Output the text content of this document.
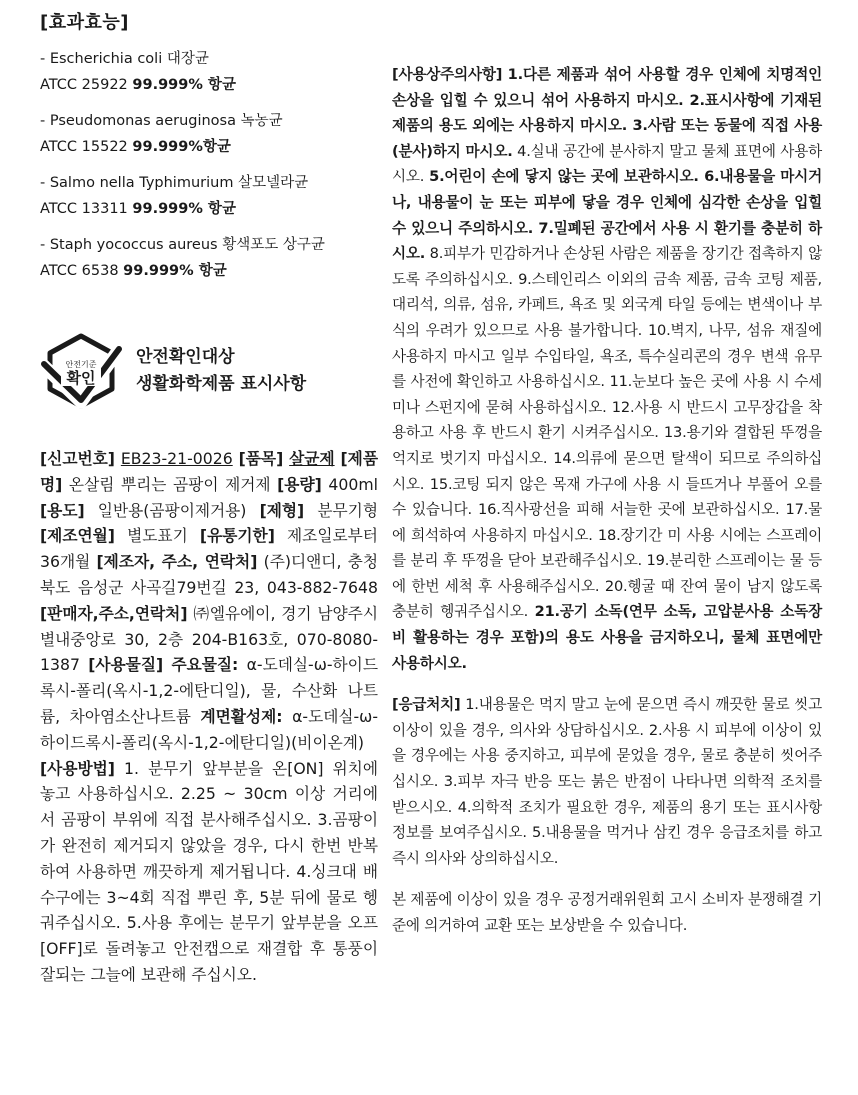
[효과효능]
- Escherichia coli 대장균
ATCC 25922 99.999% 항균
- Pseudomonas aeruginosa 녹농균
ATCC 15522 99.999%항균
- Salmo nella Typhimurium 살모넬라균
ATCC 13311 99.999% 항균
- Staph yococcus aureus 황색포도 상구균
ATCC 6538 99.999% 항균
안전기준
확인
안전확인대상
생활화학제품 표시사항

[신고번호] EB23-21-0026 [품목] 살균제 [제품명] 온살림 뿌리는 곰팡이 제거제 [용량] 400ml [용도] 일반용(곰팡이제거용) [제형] 분무기형 [제조연월] 별도표기 [유통기한] 제조일로부터 36개월 [제조자, 주소, 연락처] (주)디앤디, 충청북도 음성군 사곡길79번길 23, 043-882-7648 [판매자,주소,연락처] ㈜엘유에이, 경기 남양주시 별내중앙로 30, 2층 204-B163호, 070-8080-1387 [사용물질] 주요물질: α-도데실-ω-하이드록시-폴리(옥시-1,2-에탄디일), 물, 수산화 나트륨, 차아염소산나트륨 계면활성제: α-도데실-ω-하이드록시-폴리(옥시-1,2-에탄디일)(비이온계) [사용방법] 1. 분무기 앞부분을 온[ON] 위치에 놓고 사용하십시오. 2.25 ~ 30cm 이상 거리에서 곰팡이 부위에 직접 분사해주십시오. 3.곰팡이가 완전히 제거되지 않았을 경우, 다시 한번 반복하여 사용하면 깨끗하게 제거됩니다. 4.싱크대 배수구에는 3~4회 직접 뿌린 후, 5분 뒤에 물로 헹궈주십시오. 5.사용 후에는 분무기 앞부분을 오프[OFF]로 돌려놓고 안전캡으로 재결합 후 통풍이 잘되는 그늘에 보관해 주십시오.

[사용상주의사항] 1.다른 제품과 섞어 사용할 경우 인체에 치명적인 손상을 입힐 수 있으니 섞어 사용하지 마시오. 2.표시사항에 기재된 제품의 용도 외에는 사용하지 마시오. 3.사람 또는 동물에 직접 사용(분사)하지 마시오. 4.실내 공간에 분사하지 말고 물체 표면에 사용하시오. 5.어린이 손에 닿지 않는 곳에 보관하시오. 6.내용물을 마시거나, 내용물이 눈 또는 피부에 닿을 경우 인체에 심각한 손상을 입힐 수 있으니 주의하시오. 7.밀폐된 공간에서 사용 시 환기를 충분히 하시오. 8.피부가 민감하거나 손상된 사람은 제품을 장기간 접촉하지 않도록 주의하십시오. 9.스테인리스 이외의 금속 제품, 금속 코팅 제품, 대리석, 의류, 섬유, 카페트, 욕조 및 외국계 타일 등에는 변색이나 부식의 우려가 있으므로 사용 불가합니다. 10.벽지, 나무, 섬유 재질에 사용하지 마시고 일부 수입타일, 욕조, 특수실리콘의 경우 변색 유무를 사전에 확인하고 사용하십시오. 11.눈보다 높은 곳에 사용 시 수세미나 스펀지에 묻혀 사용하십시오. 12.사용 시 반드시 고무장갑을 착용하고 사용 후 반드시 환기 시켜주십시오. 13.용기와 결합된 뚜껑을 억지로 벗기지 마십시오. 14.의류에 묻으면 탈색이 되므로 주의하십시오. 15.코팅 되지 않은 목재 가구에 사용 시 들뜨거나 부풀어 오를 수 있습니다. 16.직사광선을 피해 서늘한 곳에 보관하십시오. 17.물에 희석하여 사용하지 마십시오. 18.장기간 미 사용 시에는 스프레이를 분리 후 뚜껑을 닫아 보관해주십시오. 19.분리한 스프레이는 물 등에 한번 세척 후 사용해주십시오. 20.헹굴 때 잔여 물이 남지 않도록 충분히 헹궈주십시오. 21.공기 소독(연무 소독, 고압분사용 소독장비 활용하는 경우 포함)의 용도 사용을 금지하오니, 물체 표면에만 사용하시오.

[응급처치] 1.내용물은 먹지 말고 눈에 묻으면 즉시 깨끗한 물로 씻고 이상이 있을 경우, 의사와 상담하십시오. 2.사용 시 피부에 이상이 있을 경우에는 사용 중지하고, 피부에 묻었을 경우, 물로 충분히 씻어주십시오. 3.피부 자극 반응 또는 붉은 반점이 나타나면 의학적 조치를 받으시오. 4.의학적 조치가 필요한 경우, 제품의 용기 또는 표시사항 정보를 보여주십시오. 5.내용물을 먹거나 삼킨 경우 응급조치를 하고 즉시 의사와 상의하십시오.

본 제품에 이상이 있을 경우 공정거래위원회 고시 소비자 분쟁해결 기준에 의거하여 교환 또는 보상받을 수 있습니다.
